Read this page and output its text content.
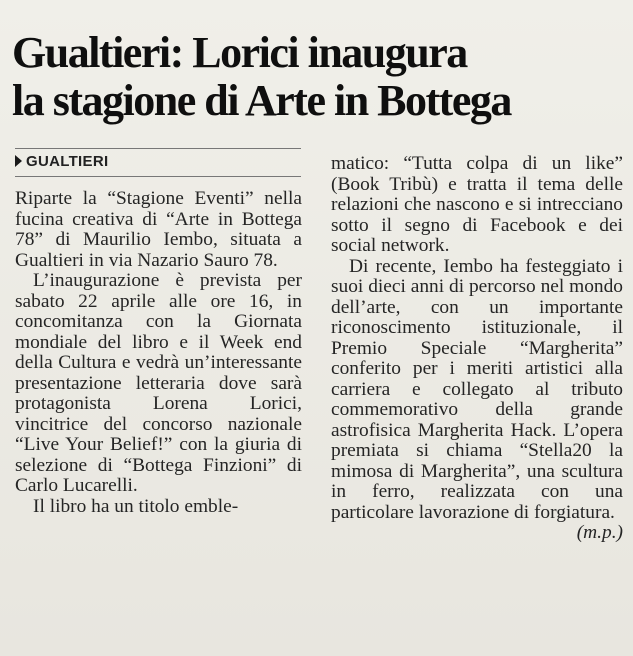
Gualtieri: Lorici inaugura
la stagione di Arte in Bottega
GUALTIERI

Riparte la “Stagione Eventi” nella fucina creativa di “Arte in Bottega 78” di Maurilio Iembo, situata a Gualtieri in via Nazario Sauro 78.

L’inaugurazione è prevista per sabato 22 aprile alle ore 16, in concomitanza con la Giornata mondiale del libro e il Week end della Cultura e vedrà un’interessante presentazione letteraria dove sarà protagonista Lorena Lorici, vincitrice del concorso nazionale “Live Your Belief!” con la giuria di selezione di “Bottega Finzioni” di Carlo Lucarelli.

Il libro ha un titolo emble-

matico: “Tutta colpa di un like” (Book Tribù) e tratta il tema delle relazioni che nascono e si intrecciano sotto il segno di Facebook e dei social network.

Di recente, Iembo ha festeggiato i suoi dieci anni di percorso nel mondo dell’arte, con un importante riconoscimento istituzionale, il Premio Speciale “Margherita” conferito per i meriti artistici alla carriera e collegato al tributo commemorativo della grande astrofisica Margherita Hack. L’opera premiata si chiama “Stella20 la mimosa di Margherita”, una scultura in ferro, realizzata con una particolare lavorazione di forgiatura.
(m.p.)
